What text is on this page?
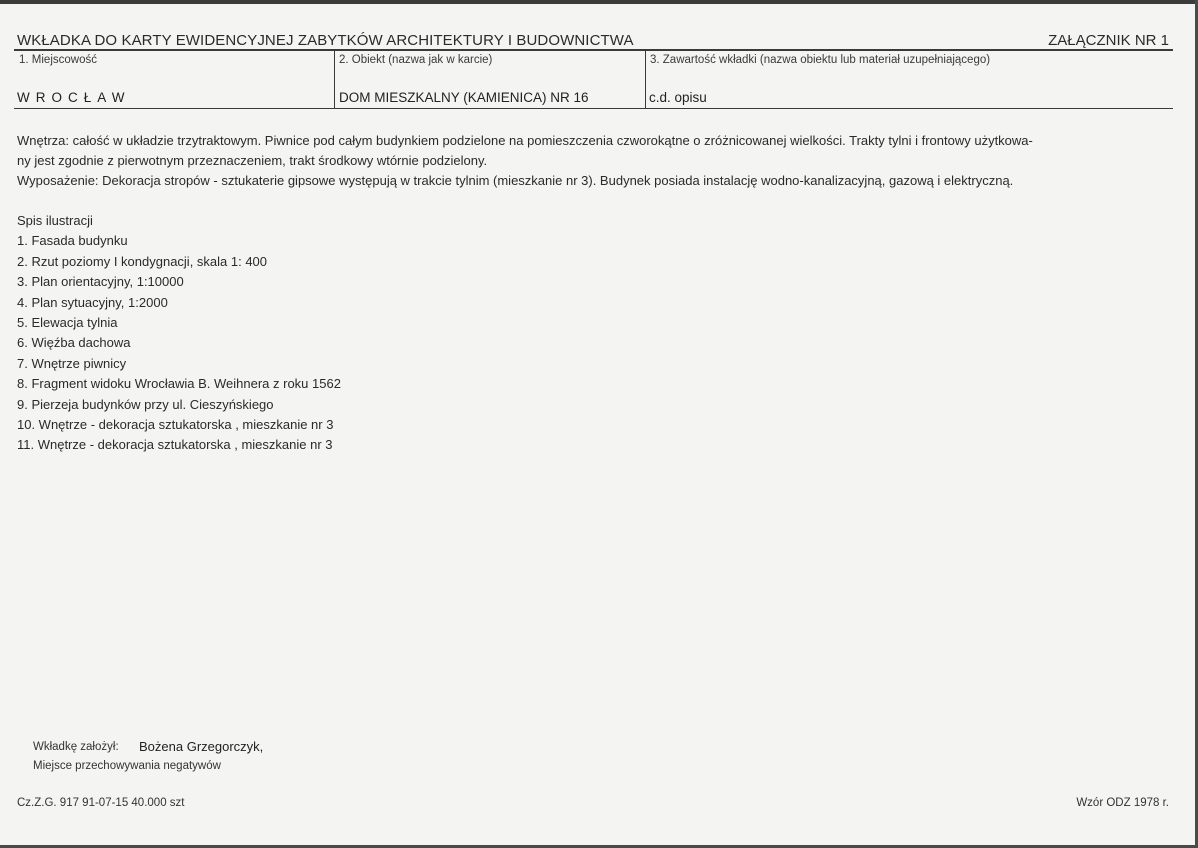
WKŁADKA DO KARTY EWIDENCYJNEJ ZABYTKÓW ARCHITEKTURY I BUDOWNICTWA	ZAŁĄCZNIK NR 1
1. Miejscowość
WROCŁAW
2. Obiekt (nazwa jak w karcie)
DOM MIESZKALNY (KAMIENICA) NR 16
3. Zawartość wkładki (nazwa obiektu lub materiał uzupełniającego)
c.d. opisu

Wnętrza: całość w układzie trzytraktowym. Piwnice pod całym budynkiem podzielone na pomieszczenia czworokątne o zróżnicowanej wielkości. Trakty tylni i frontowy użytkowa-

ny jest zgodnie z pierwotnym przeznaczeniem, trakt środkowy wtórnie podzielony.

Wyposażenie: Dekoracja stropów - sztukaterie gipsowe występują w trakcie tylnim (mieszkanie nr 3). Budynek posiada instalację wodno-kanalizacyjną, gazową i elektryczną.

Spis ilustracji
1. Fasada budynku
2. Rzut poziomy I kondygnacji, skala 1: 400
3. Plan orientacyjny, 1:10000
4. Plan sytuacyjny, 1:2000
5. Elewacja tylnia
6. Więźba dachowa
7. Wnętrze piwnicy
8. Fragment widoku Wrocławia B. Weihnera z roku 1562
9. Pierzeja budynków przy ul. Cieszyńskiego
10. Wnętrze - dekoracja sztukatorska , mieszkanie nr 3
11. Wnętrze - dekoracja sztukatorska , mieszkanie nr 3
Wkładkę założył: Bożena Grzegorczyk,
Miejsce przechowywania negatywów
Cz.Z.G. 917 91-07-15 40.000 szt	Wzór ODZ 1978 r.
